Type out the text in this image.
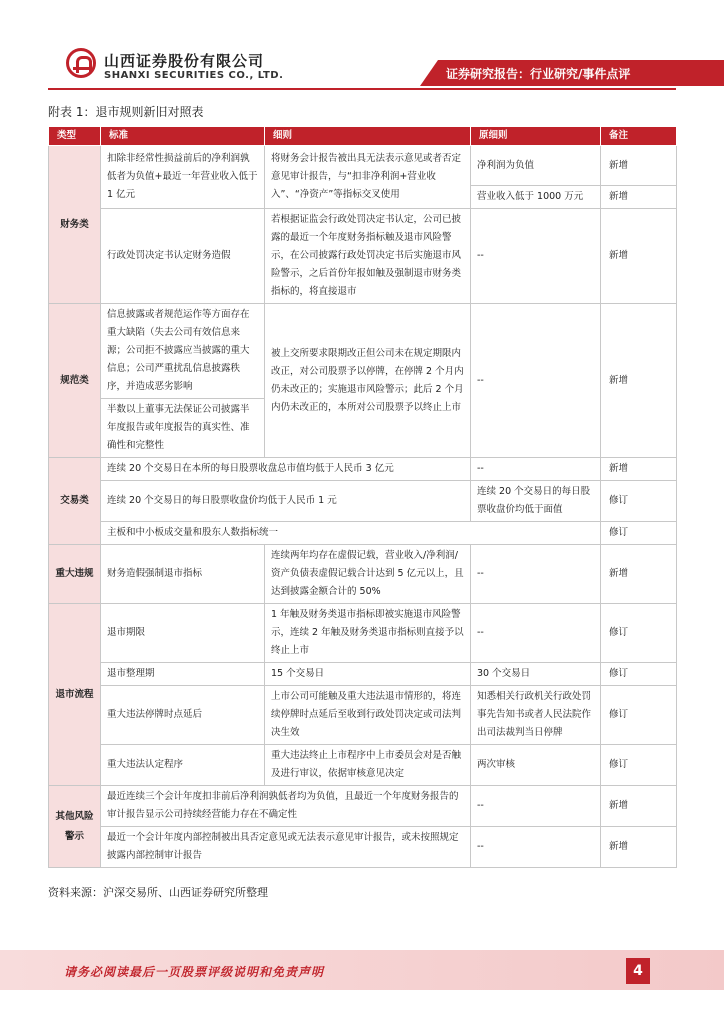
山西证券股份有限公司
SHANXI SECURITIES CO., LTD.	证券研究报告：行业研究/事件点评
附表 1：退市规则新旧对照表
类型	标准	细则	原细则	备注
财务类	扣除非经常性损益前后的净利润孰低者为负值+最近一年营业收入低于 1 亿元	将财务会计报告被出具无法表示意见或者否定意见审计报告，与“扣非净利润+营业收入”、“净资产”等指标交叉使用	净利润为负值	新增
			营业收入低于 1000 万元	新增
	行政处罚决定书认定财务造假	若根据证监会行政处罚决定书认定，公司已披露的最近一个年度财务指标触及退市风险警示，在公司披露行政处罚决定书后实施退市风险警示，之后首份年报如触及强制退市财务类指标的，将直接退市	--	新增
规范类	信息披露或者规范运作等方面存在重大缺陷（失去公司有效信息来源；公司拒不披露应当披露的重大信息；公司严重扰乱信息披露秩序，并造成恶劣影响	被上交所要求限期改正但公司未在规定期限内改正，对公司股票予以停牌，在停牌 2 个月内仍未改正的；实施退市风险警示；此后 2 个月内仍未改正的，本所对公司股票予以终止上市	--	新增
	半数以上董事无法保证公司披露半年度报告或年度报告的真实性、准确性和完整性			
交易类	连续 20 个交易日在本所的每日股票收盘总市值均低于人民币 3 亿元		--	新增
	连续 20 个交易日的每日股票收盘价均低于人民币 1 元		连续 20 个交易日的每日股票收盘价均低于面值	修订
	主板和中小板成交量和股东人数指标统一			修订
重大违规	财务造假强制退市指标	连续两年均存在虚假记载，营业收入/净利润/资产负债表虚假记载合计达到 5 亿元以上，且达到披露金额合计的 50%	--	新增
退市流程	退市期限	1 年触及财务类退市指标即被实施退市风险警示，连续 2 年触及财务类退市指标则直接予以终止上市	--	修订
	退市整理期	15 个交易日	30 个交易日	修订
	重大违法停牌时点延后	上市公司可能触及重大违法退市情形的，将连续停牌时点延后至收到行政处罚决定或司法判决生效	知悉相关行政机关行政处罚事先告知书或者人民法院作出司法裁判当日停牌	修订
	重大违法认定程序	重大违法终止上市程序中上市委员会对是否触及进行审议，依据审核意见决定	两次审核	修订
其他风险警示	最近连续三个会计年度扣非前后净利润孰低者均为负值，且最近一个年度财务报告的审计报告显示公司持续经营能力存在不确定性		--	新增
	最近一个会计年度内部控制被出具否定意见或无法表示意见审计报告，或未按照规定披露内部控制审计报告		--	新增
资料来源：沪深交易所、山西证券研究所整理
请务必阅读最后一页股票评级说明和免责声明	4
